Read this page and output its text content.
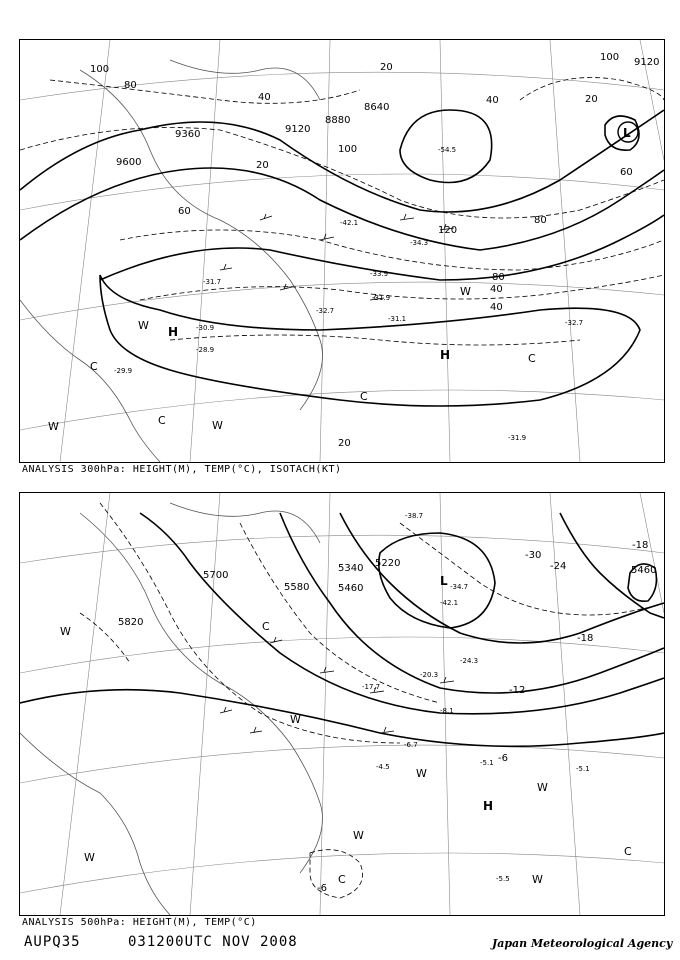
9600
9360	9120
8880
8640
9120
100
80
60
40
20
100
40
120
80
60
40
20
80
40
100
20
20
-54.5
-42.1
-34.3
-33.9
-31.9
-32.7
-31.1	-32.7
-31.7
-30.9
-29.9
-28.9
-31.9
L
H
H
C
W
C
W
C
W
W
C
ANALYSIS 300hPa: HEIGHT(M), TEMP(°C), ISOTACH(KT)
5820
5700
5580	5460
5340 5220
5460
-30
-24
-18
-18
-12
-6
-6
-34.7
-42.1
-38.7
-24.3
-20.3
-17.7
-8.1
-6.7
-5.1
-4.5	-5.1
-5.5
L
H
W	C
W
W
W
W
C
C	W
W
ANALYSIS 500hPa: HEIGHT(M), TEMP(°C)
AUPQ35	031200UTC NOV 2008	Japan Meteorological Agency
